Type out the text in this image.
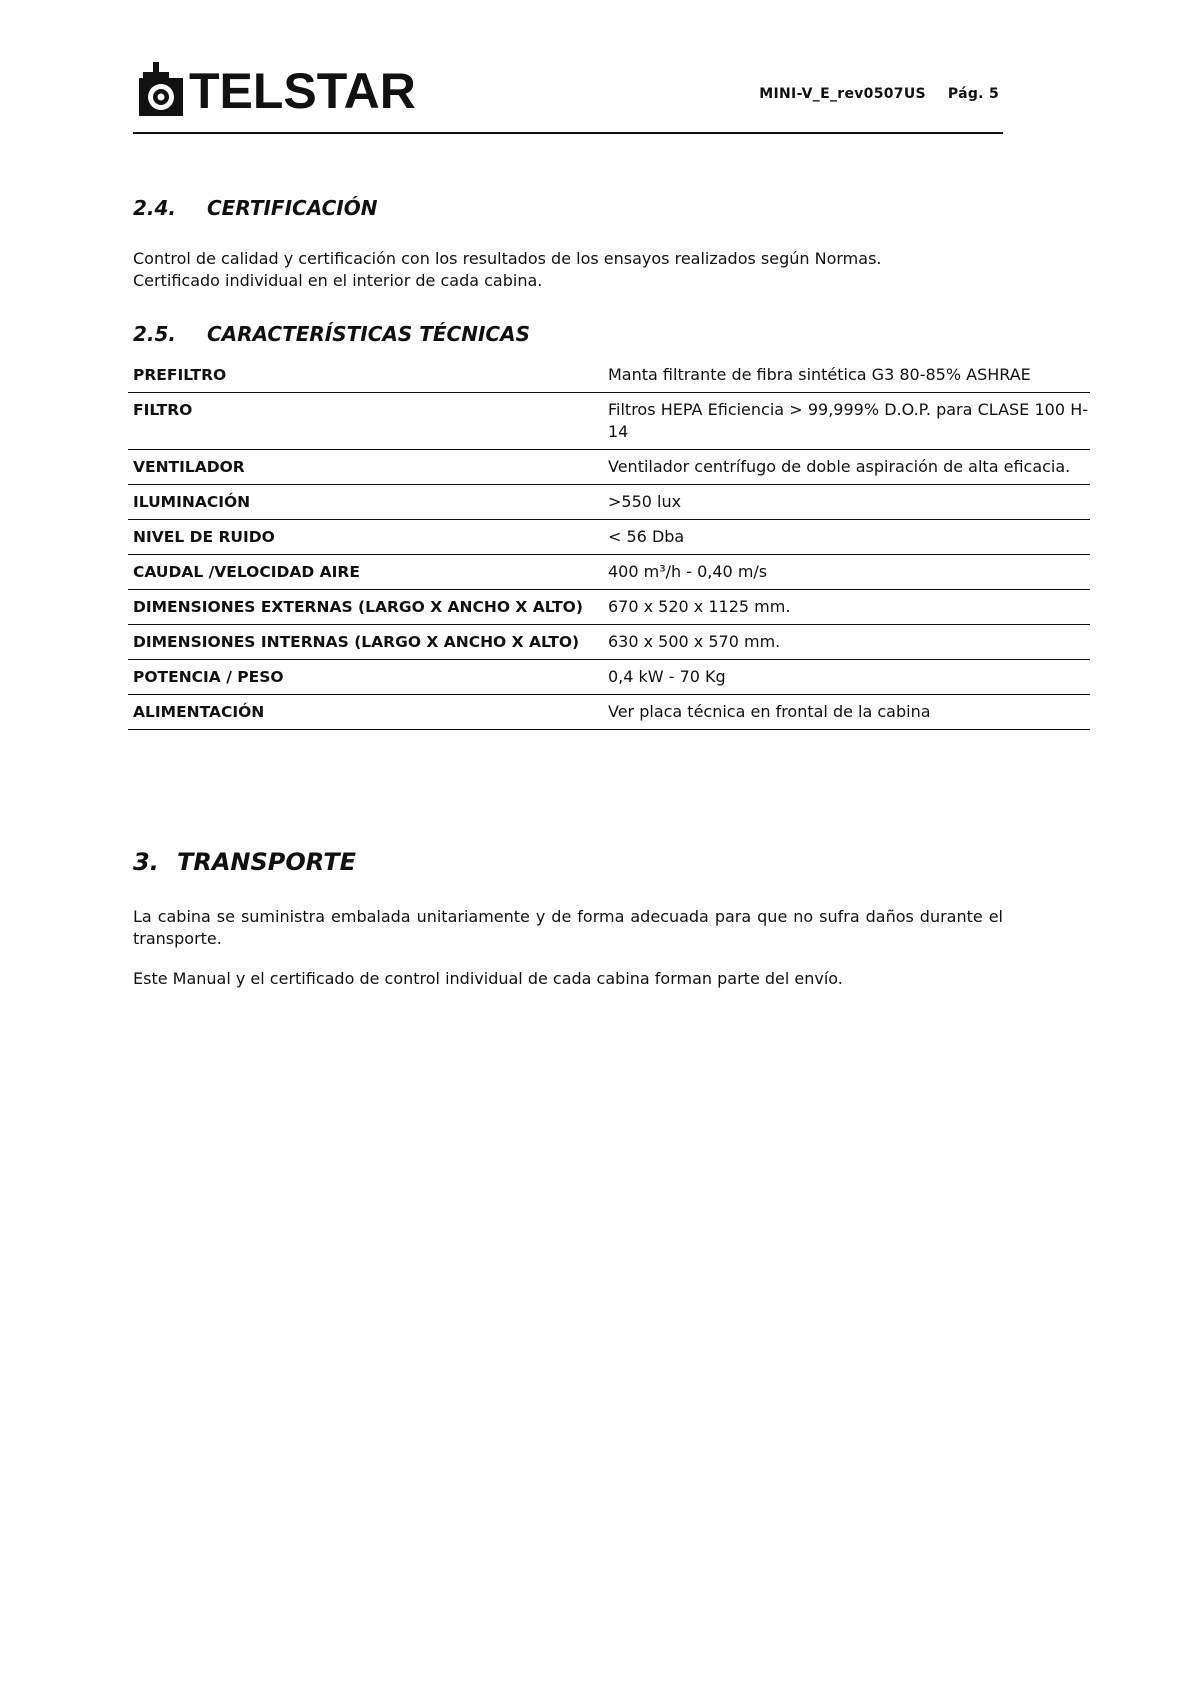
TELSTAR	MINI-V_E_rev0507US Pág. 5
2.4. CERTIFICACIÓN
Control de calidad y certificación con los resultados de los ensayos realizados según Normas.
Certificado individual en el interior de cada cabina.
2.5. CARACTERÍSTICAS TÉCNICAS
PREFILTRO	Manta filtrante de fibra sintética G3 80-85% ASHRAE
FILTRO	Filtros HEPA Eficiencia > 99,999% D.O.P. para CLASE 100 H-14
VENTILADOR	Ventilador centrífugo de doble aspiración de alta eficacia.
ILUMINACIÓN	>550 lux
NIVEL DE RUIDO	< 56 Dba
CAUDAL /VELOCIDAD AIRE	400 m³/h - 0,40 m/s
DIMENSIONES EXTERNAS (LARGO X ANCHO X ALTO)	670 x 520 x 1125 mm.
DIMENSIONES INTERNAS (LARGO X ANCHO X ALTO)	630 x 500 x 570 mm.
POTENCIA / PESO	0,4 kW - 70 Kg
ALIMENTACIÓN	Ver placa técnica en frontal de la cabina
3. TRANSPORTE

La cabina se suministra embalada unitariamente y de forma adecuada para que no sufra daños durante el transporte.

Este Manual y el certificado de control individual de cada cabina forman parte del envío.
